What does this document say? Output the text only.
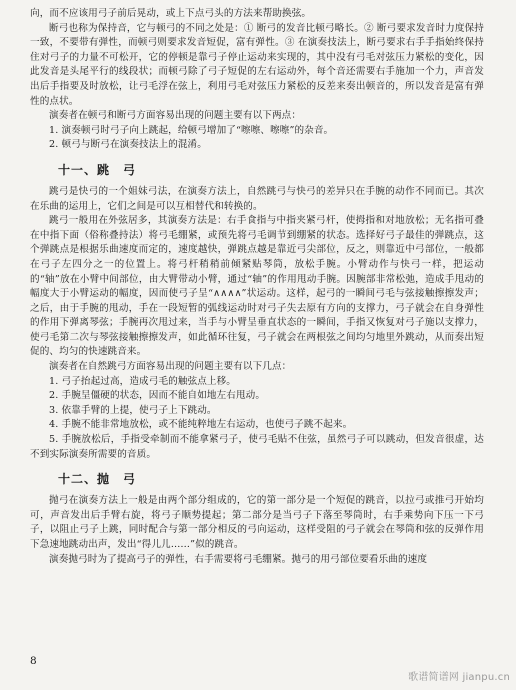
向，而不应该用弓子前后晃动，或上下点弓头的方法来帮助换弦。

断弓也称为保持音，它与顿弓的不同之处是：① 断弓的发音比顿弓略长。② 断弓要求发音时力度保持一致，不要带有弹性，而顿弓则要求发音短促，富有弹性。③ 在演奏技法上，断弓要求右手手指始终保持住对弓子的力量不可松开，它的停顿是靠弓子停止运动来实现的，其中没有弓毛对弦压力紧松的变化，因此发音是头尾平行的线段状；而顿弓除了弓子短促的左右运动外，每个音还需要右手施加一个力，声音发出后手指要及时放松，让弓毛浮在弦上，利用弓毛对弦压力紧松的反差来奏出顿音的，所以发音是富有弹性的点状。

演奏者在顿弓和断弓方面容易出现的问题主要有以下两点：

1. 演奏顿弓时弓子向上跳起，给顿弓增加了“嚓嚓、嚓嚓”的杂音。

2. 顿弓与断弓在演奏技法上的混淆。

十一、跳　弓

跳弓是快弓的一个姐妹弓法，在演奏方法上，自然跳弓与快弓的差异只在手腕的动作不同而已。其次在乐曲的运用上，它们之间是可以互相替代和转换的。

跳弓一般用在外弦居多，其演奏方法是：右手食指与中指夹紧弓杆，使拇指和对地放松；无名指可叠在中指下面（俗称叠持法）将弓毛绷紧，或预先将弓毛调节到绷紧的状态。选择好弓子最佳的弹跳点，这个弹跳点是根据乐曲速度而定的，速度越快，弹跳点越是靠近弓尖部位，反之，则靠近中弓部位，一般都在弓子左四分之一的位置上。将弓杆稍稍前倾紧贴琴筒，放松手腕。小臂动作与快弓一样，把运动的“轴”放在小臂中间部位，由大臂带动小臂，通过“轴”的作用甩动手腕。因腕部非常松弛，造成手甩动的幅度大于小臂运动的幅度，因而使弓子呈“∧∧∧∧”状运动。这样，起弓的一瞬间弓毛与弦接触擦擦发声；之后，由于手腕的甩动，手在一段短暂的弧线运动时对弓子失去原有方向的支撑力，弓子就会在自身弹性的作用下弹离琴弦；手腕再次甩过来，当手与小臂呈垂直状态的一瞬间，手指又恢复对弓子施以支撑力，使弓毛第二次与琴弦接触擦擦发声，如此循环往复，弓子就会在两根弦之间均匀地里外跳动，从而奏出短促的、均匀的快速跳音来。

演奏者在自然跳弓方面容易出现的问题主要有以下几点：

1. 弓子抬起过高，造成弓毛的触弦点上移。

2. 手腕呈僵硬的状态，因而不能自如地左右甩动。

3. 依靠手臂的上提，使弓子上下跳动。

4. 手腕不能非常地放松，或不能纯粹地左右运动，也使弓子跳不起来。

5. 手腕放松后，手指受牵制而不能拿紧弓子，使弓毛贴不住弦，虽然弓子可以跳动，但发音很虚，达不到实际演奏所需要的音质。

十二、抛　弓

抛弓在演奏方法上一般是由两个部分组成的，它的第一部分是一个短促的跳音，以拉弓或推弓开始均可，声音发出后手臂右旋，将弓子顺势提起；第二部分是当弓子下落至琴筒时，右手乘势向下压一下弓子，以阻止弓子上跳，同时配合与第一部分相反的弓向运动，这样受阻的弓子就会在琴筒和弦的反弹作用下急速地跳动出声，发出“得儿儿……”似的跳音。

演奏抛弓时为了提高弓子的弹性，右手需要将弓毛绷紧。抛弓的用弓部位要看乐曲的速度

8
歌谱简谱网 jianpu.cn
